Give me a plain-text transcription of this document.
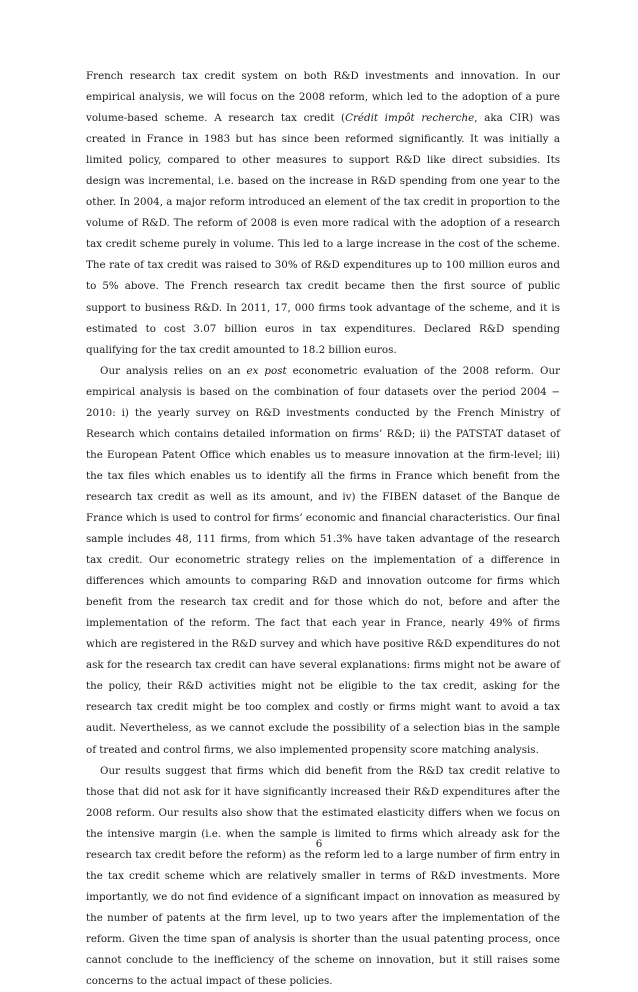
French research tax credit system on both R&D investments and innovation. In our empirical analysis, we will focus on the 2008 reform, which led to the adoption of a pure volume-based scheme. A research tax credit (Crédit impôt recherche, aka CIR) was created in France in 1983 but has since been reformed significantly. It was initially a limited policy, compared to other measures to support R&D like direct subsidies. Its design was incremental, i.e. based on the increase in R&D spending from one year to the other. In 2004, a major reform introduced an element of the tax credit in proportion to the volume of R&D. The reform of 2008 is even more radical with the adoption of a research tax credit scheme purely in volume. This led to a large increase in the cost of the scheme. The rate of tax credit was raised to 30% of R&D expenditures up to 100 million euros and to 5% above. The French research tax credit became then the first source of public support to business R&D. In 2011, 17, 000 firms took advantage of the scheme, and it is estimated to cost 3.07 billion euros in tax expenditures. Declared R&D spending qualifying for the tax credit amounted to 18.2 billion euros.

Our analysis relies on an ex post econometric evaluation of the 2008 reform. Our empirical analysis is based on the combination of four datasets over the period 2004 − 2010: i) the yearly survey on R&D investments conducted by the French Ministry of Research which contains detailed information on firms’ R&D; ii) the PATSTAT dataset of the European Patent Office which enables us to measure innovation at the firm-level; iii) the tax files which enables us to identify all the firms in France which benefit from the research tax credit as well as its amount, and iv) the FIBEN dataset of the Banque de France which is used to control for firms’ economic and financial characteristics. Our final sample includes 48, 111 firms, from which 51.3% have taken advantage of the research tax credit. Our econometric strategy relies on the implementation of a difference in differences which amounts to comparing R&D and innovation outcome for firms which benefit from the research tax credit and for those which do not, before and after the implementation of the reform. The fact that each year in France, nearly 49% of firms which are registered in the R&D survey and which have positive R&D expenditures do not ask for the research tax credit can have several explanations: firms might not be aware of the policy, their R&D activities might not be eligible to the tax credit, asking for the research tax credit might be too complex and costly or firms might want to avoid a tax audit. Nevertheless, as we cannot exclude the possibility of a selection bias in the sample of treated and control firms, we also implemented propensity score matching analysis.

Our results suggest that firms which did benefit from the R&D tax credit relative to those that did not ask for it have significantly increased their R&D expenditures after the 2008 reform. Our results also show that the estimated elasticity differs when we focus on the intensive margin (i.e. when the sample is limited to firms which already ask for the research tax credit before the reform) as the reform led to a large number of firm entry in the tax credit scheme which are relatively smaller in terms of R&D investments. More importantly, we do not find evidence of a significant impact on innovation as measured by the number of patents at the firm level, up to two years after the implementation of the reform. Given the time span of analysis is shorter than the usual patenting process, once cannot conclude to the inefficiency of the scheme on innovation, but it still raises some concerns to the actual impact of these policies.

6
